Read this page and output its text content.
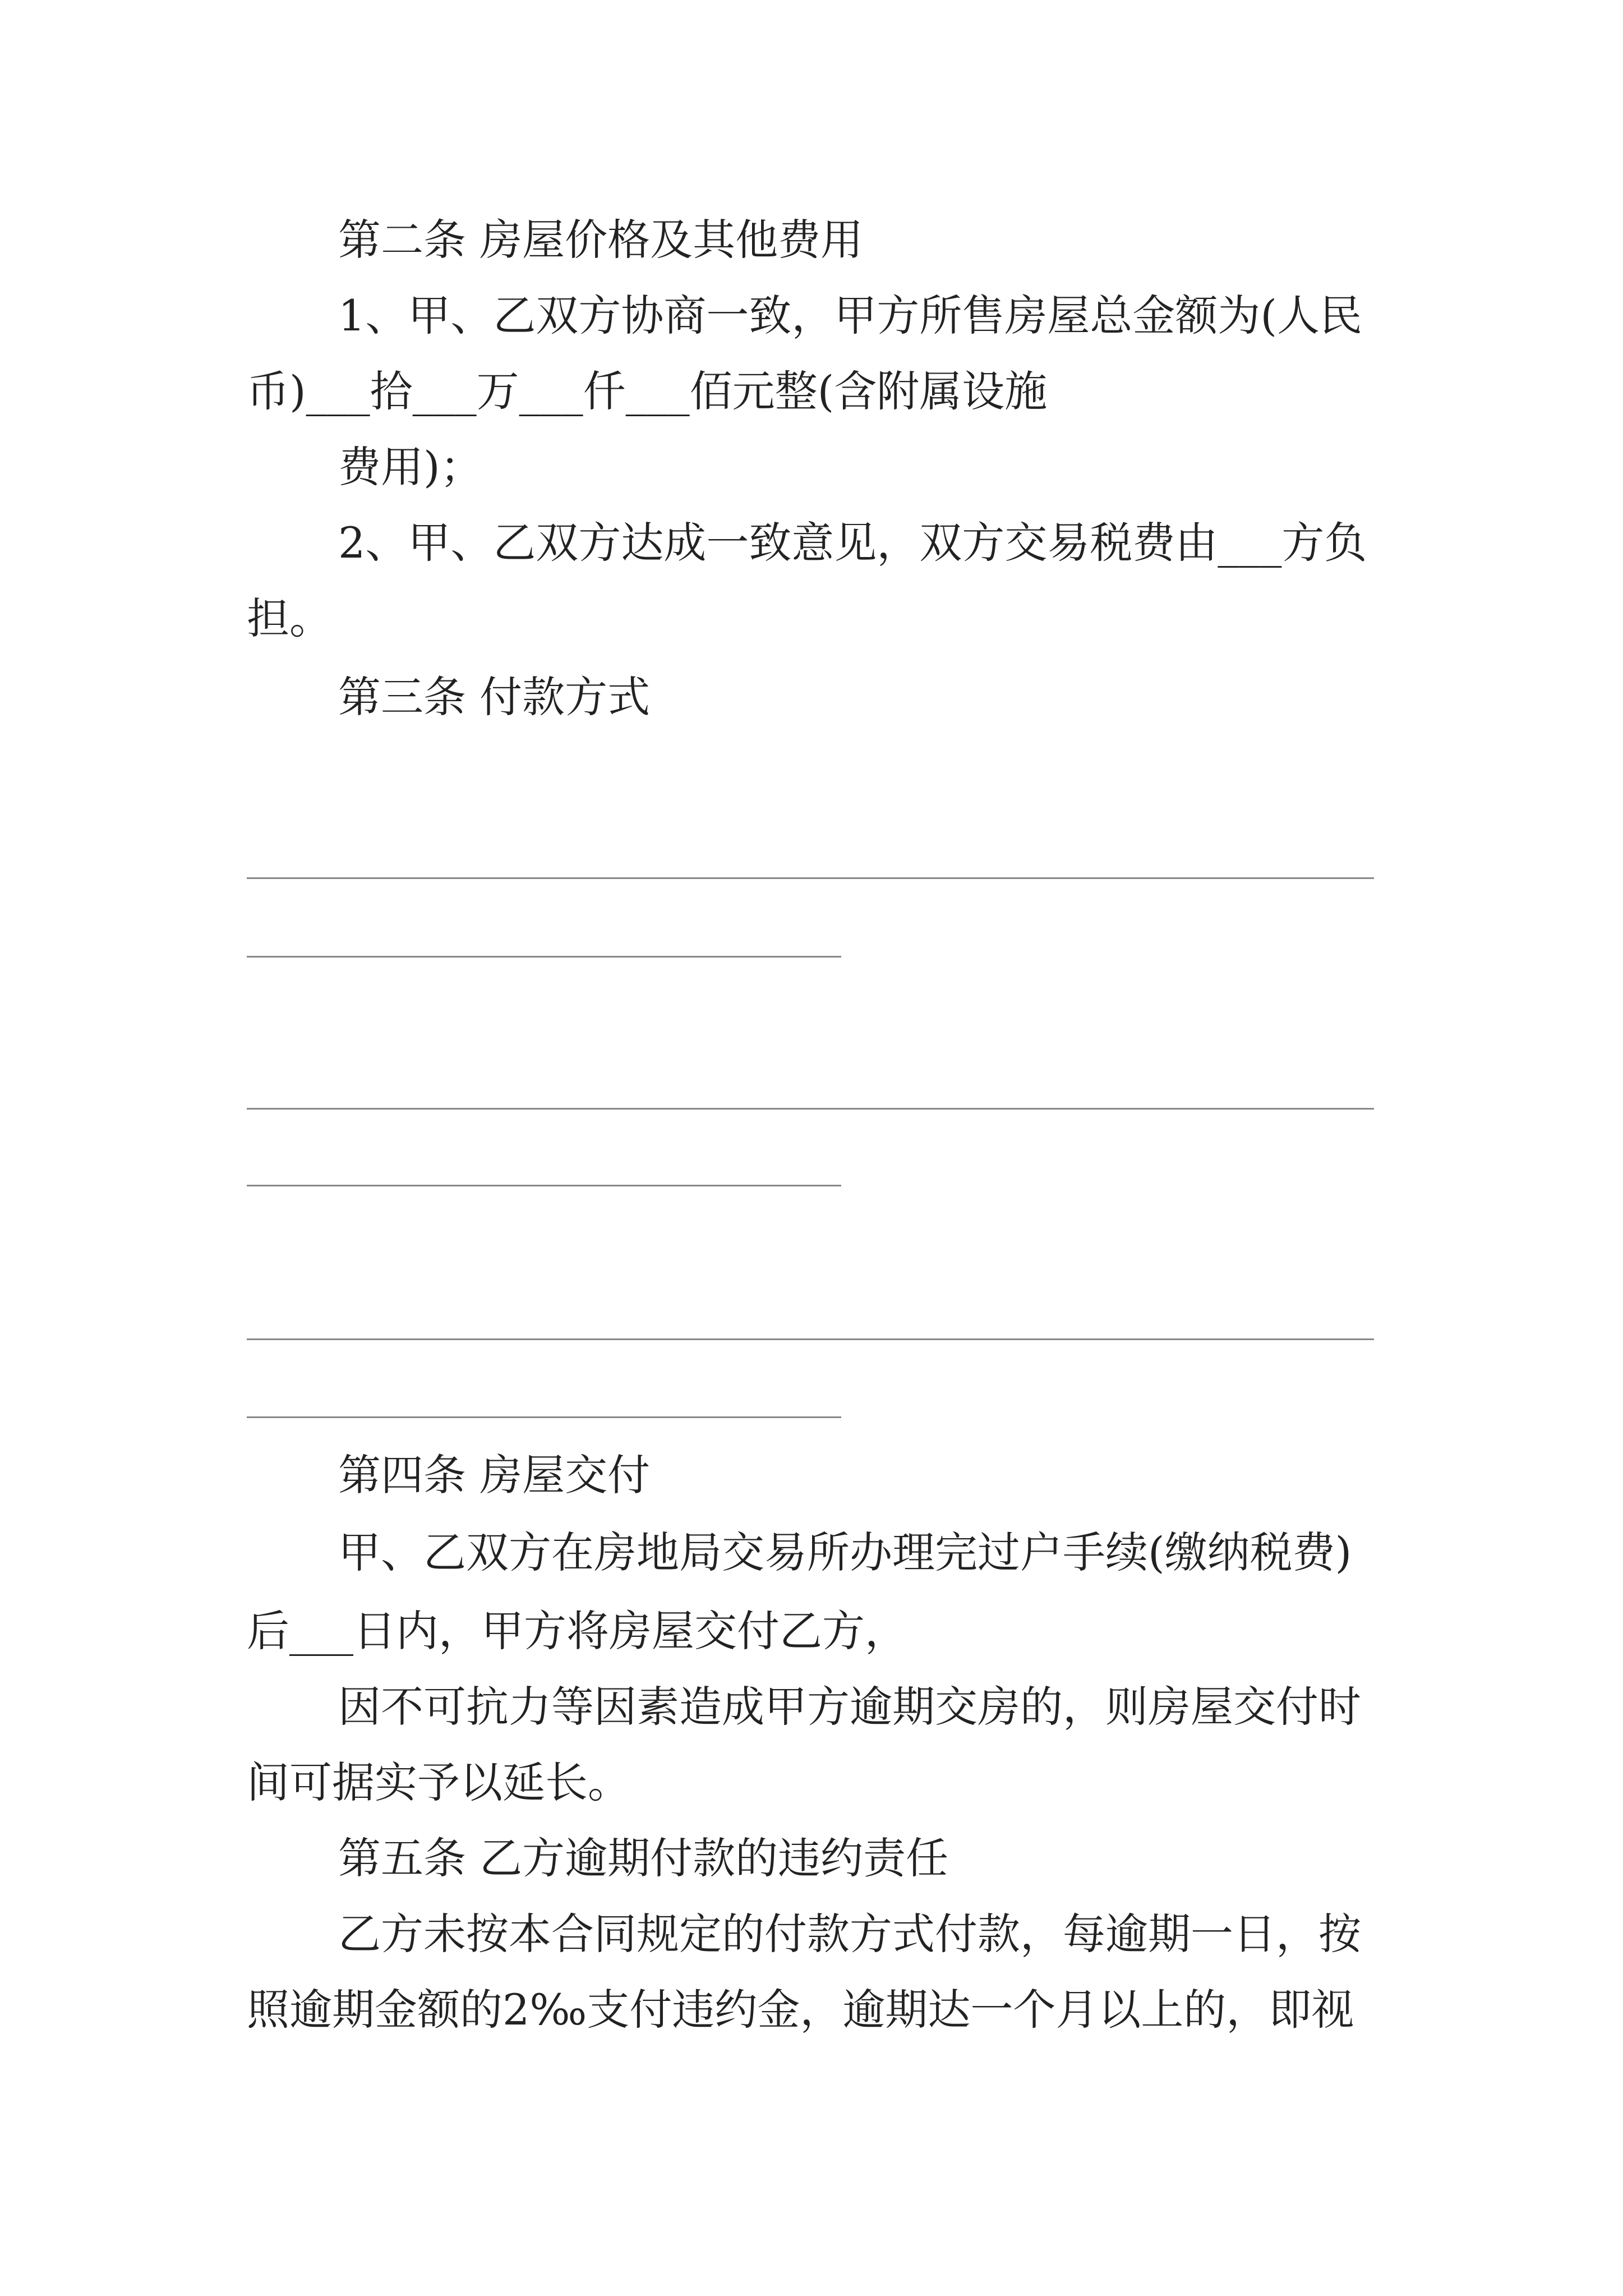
第二条 房屋价格及其他费用
1、甲、乙双方协商一致，甲方所售房屋总金额为(人民
币)___拾___万___仟___佰元整(含附属设施
费用)；
2、甲、乙双方达成一致意见，双方交易税费由___方负
担。
第三条 付款方式
第四条 房屋交付
甲、乙双方在房地局交易所办理完过户手续(缴纳税费)
后___日内，甲方将房屋交付乙方，
因不可抗力等因素造成甲方逾期交房的，则房屋交付时
间可据实予以延长。
第五条 乙方逾期付款的违约责任
乙方未按本合同规定的付款方式付款，每逾期一日，按
照逾期金额的2‰支付违约金，逾期达一个月以上的，即视
